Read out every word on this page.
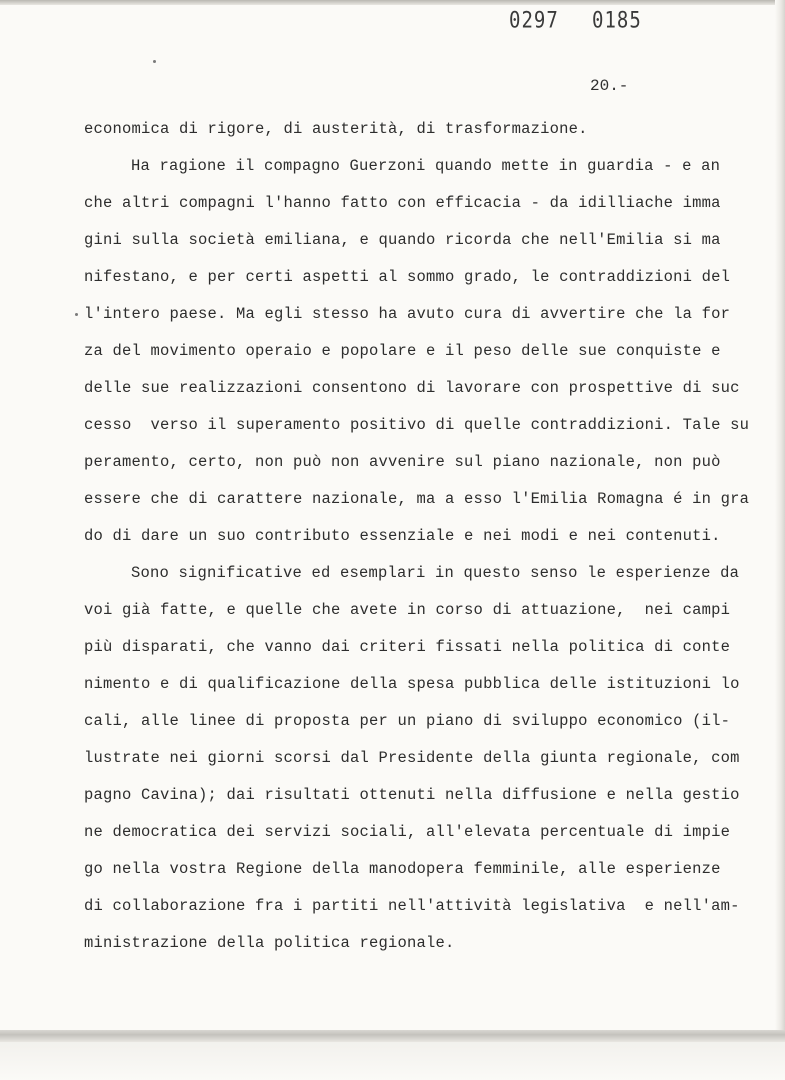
0297 0185
20.-
economica di rigore, di austerità, di trasformazione.
Ha ragione il compagno Guerzoni quando mette in guardia - e an
che altri compagni l'hanno fatto con efficacia - da idilliache imma
gini sulla società emiliana, e quando ricorda che nell'Emilia si ma
nifestano, e per certi aspetti al sommo grado, le contraddizioni del
l'intero paese. Ma egli stesso ha avuto cura di avvertire che la for
za del movimento operaio e popolare e il peso delle sue conquiste e
delle sue realizzazioni consentono di lavorare con prospettive di suc
cesso  verso il superamento positivo di quelle contraddizioni. Tale su
peramento, certo, non può non avvenire sul piano nazionale, non può
essere che di carattere nazionale, ma a esso l'Emilia Romagna é in gra
do di dare un suo contributo essenziale e nei modi e nei contenuti.
Sono significative ed esemplari in questo senso le esperienze da
voi già fatte, e quelle che avete in corso di attuazione,  nei campi
più disparati, che vanno dai criteri fissati nella politica di conte
nimento e di qualificazione della spesa pubblica delle istituzioni lo
cali, alle linee di proposta per un piano di sviluppo economico (il-
lustrate nei giorni scorsi dal Presidente della giunta regionale, com
pagno Cavina); dai risultati ottenuti nella diffusione e nella gestio
ne democratica dei servizi sociali, all'elevata percentuale di impie
go nella vostra Regione della manodopera femminile, alle esperienze
di collaborazione fra i partiti nell'attività legislativa  e nell'am-
ministrazione della politica regionale.
